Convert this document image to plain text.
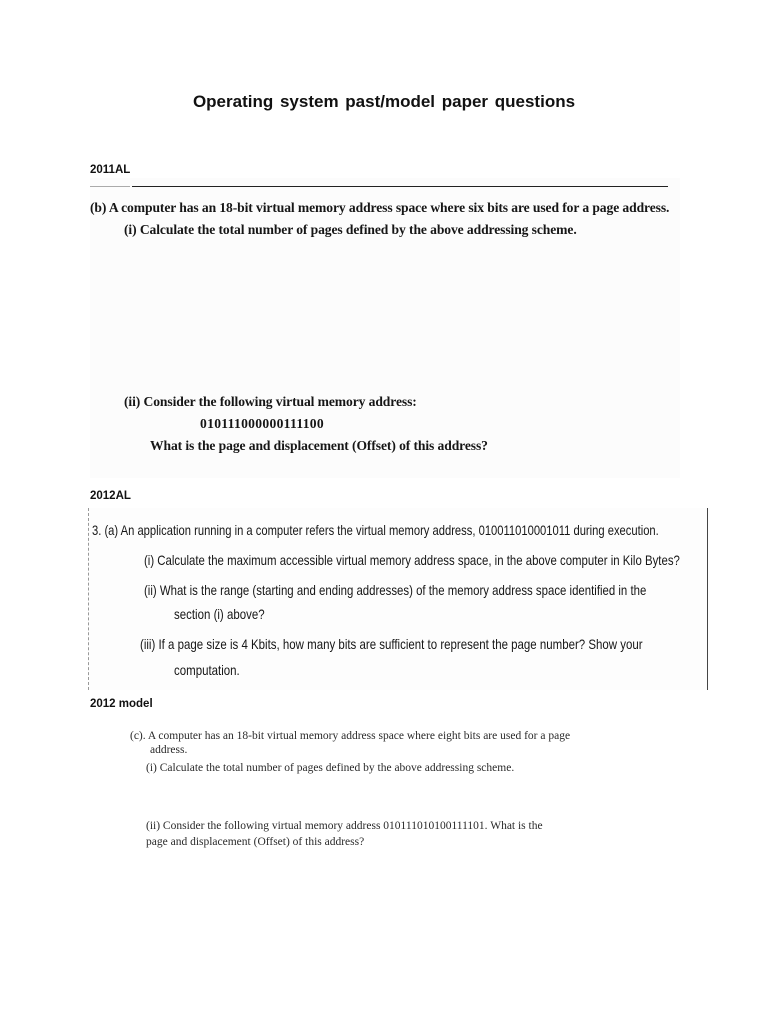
Operating system past/model paper questions
2011AL
(b) A computer has an 18-bit virtual memory address space where six bits are used for a page address.
(i) Calculate the total number of pages defined by the above addressing scheme.
(ii) Consider the following virtual memory address:
010111000000111100
What is the page and displacement (Offset) of this address?
2012AL
3. (a) An application running in a computer refers the virtual memory address, 010011010001011 during execution.
(i) Calculate the maximum accessible virtual memory address space, in the above computer in Kilo Bytes?
(ii) What is the range (starting and ending addresses) of the memory address space identified in the
section (i) above?
(iii) If a page size is 4 Kbits, how many bits are sufficient to represent the page number? Show your
computation.
2012 model
(c). A computer has an 18-bit virtual memory address space where eight bits are used for a page
address.
(i) Calculate the total number of pages defined by the above addressing scheme.
(ii) Consider the following virtual memory address 010111010100111101. What is the
page and displacement (Offset) of this address?
